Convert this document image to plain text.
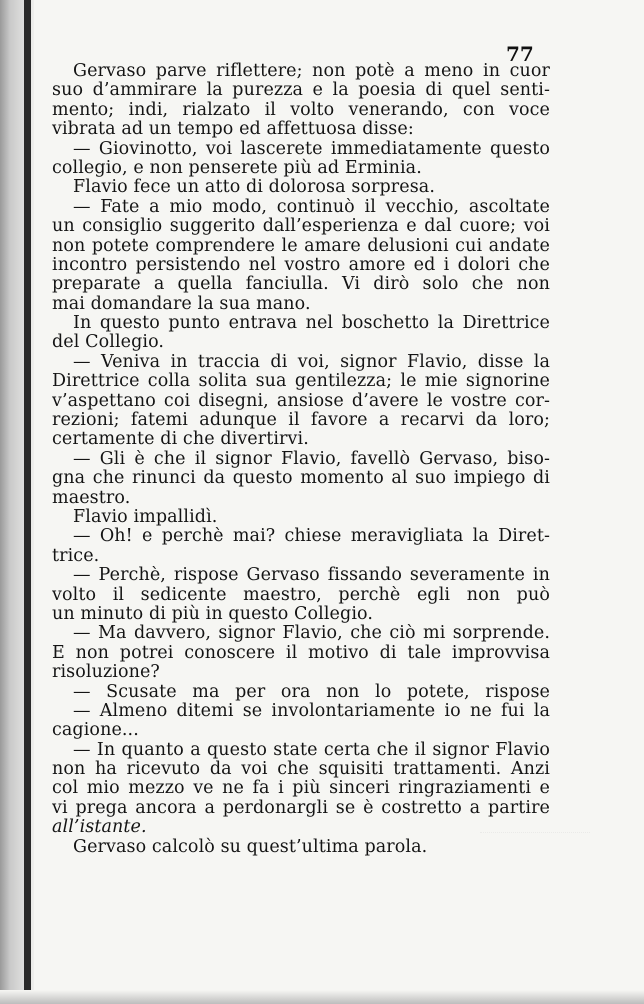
77
Gervaso parve riflettere; non potè a meno in cuor
suo d’ammirare la purezza e la poesia di quel senti-
mento; indi, rialzato il volto venerando, con voce
vibrata ad un tempo ed affettuosa disse:
— Giovinotto, voi lascerete immediatamente questo
collegio, e non penserete più ad Erminia.
Flavio fece un atto di dolorosa sorpresa.
— Fate a mio modo, continuò il vecchio, ascoltate
un consiglio suggerito dall’esperienza e dal cuore; voi
non potete comprendere le amare delusioni cui andate
incontro persistendo nel vostro amore ed i dolori che
preparate a quella fanciulla. Vi dirò solo che non
mai domandare la sua mano.
In questo punto entrava nel boschetto la Direttrice
del Collegio.
— Veniva in traccia di voi, signor Flavio, disse la
Direttrice colla solita sua gentilezza; le mie signorine
v’aspettano coi disegni, ansiose d’avere le vostre cor-
rezioni; fatemi adunque il favore a recarvi da loro;
certamente di che divertirvi.
— Gli è che il signor Flavio, favellò Gervaso, biso-
gna che rinunci da questo momento al suo impiego di
maestro.
Flavio impallidì.
— Oh! e perchè mai? chiese meravigliata la Diret-
trice.
— Perchè, rispose Gervaso fissando severamente in
volto il sedicente maestro, perchè egli non può
un minuto di più in questo Collegio.
— Ma davvero, signor Flavio, che ciò mi sorprende.
E non potrei conoscere il motivo di tale improvvisa
risoluzione?
— Scusate ma per ora non lo potete, rispose
— Almeno ditemi se involontariamente io ne fui la
cagione...
— In quanto a questo state certa che il signor Flavio
non ha ricevuto da voi che squisiti trattamenti. Anzi
col mio mezzo ve ne fa i più sinceri ringraziamenti e
vi prega ancora a perdonargli se è costretto a partire
all’istante.
Gervaso calcolò su quest’ultima parola.
